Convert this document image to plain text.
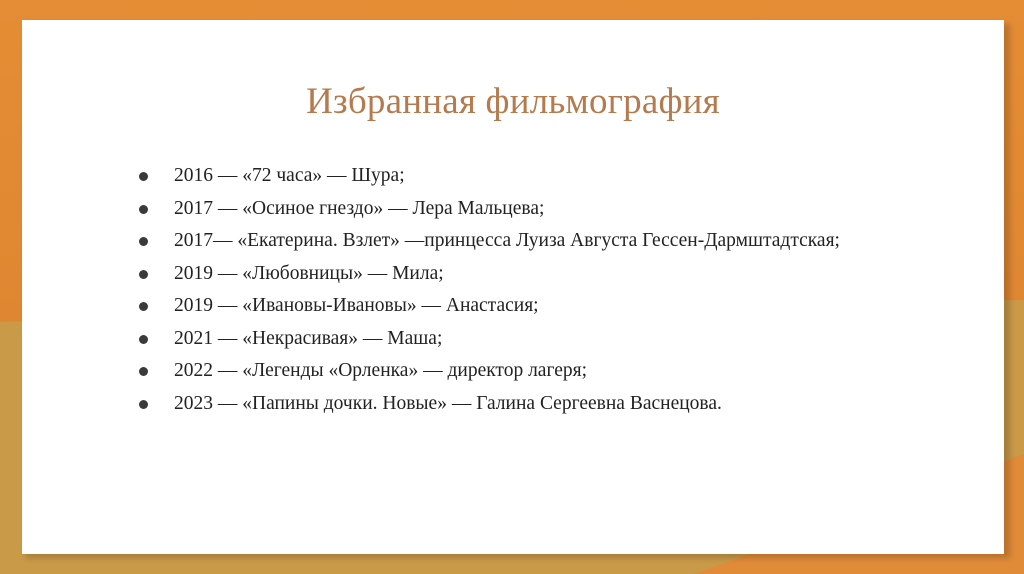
Избранная фильмография
2016 — «72 часа» — Шура;
2017 — «Осиное гнездо» — Лера Мальцева;
2017— «Екатерина. Взлет» —принцесса Луиза Августа Гессен-Дармштадтская;
2019 — «Любовницы» — Мила;
2019 — «Ивановы-Ивановы» — Анастасия;
2021 — «Некрасивая» — Маша;
2022 — «Легенды «Орленка» — директор лагеря;
2023 — «Папины дочки. Новые» — Галина Сергеевна Васнецова.
